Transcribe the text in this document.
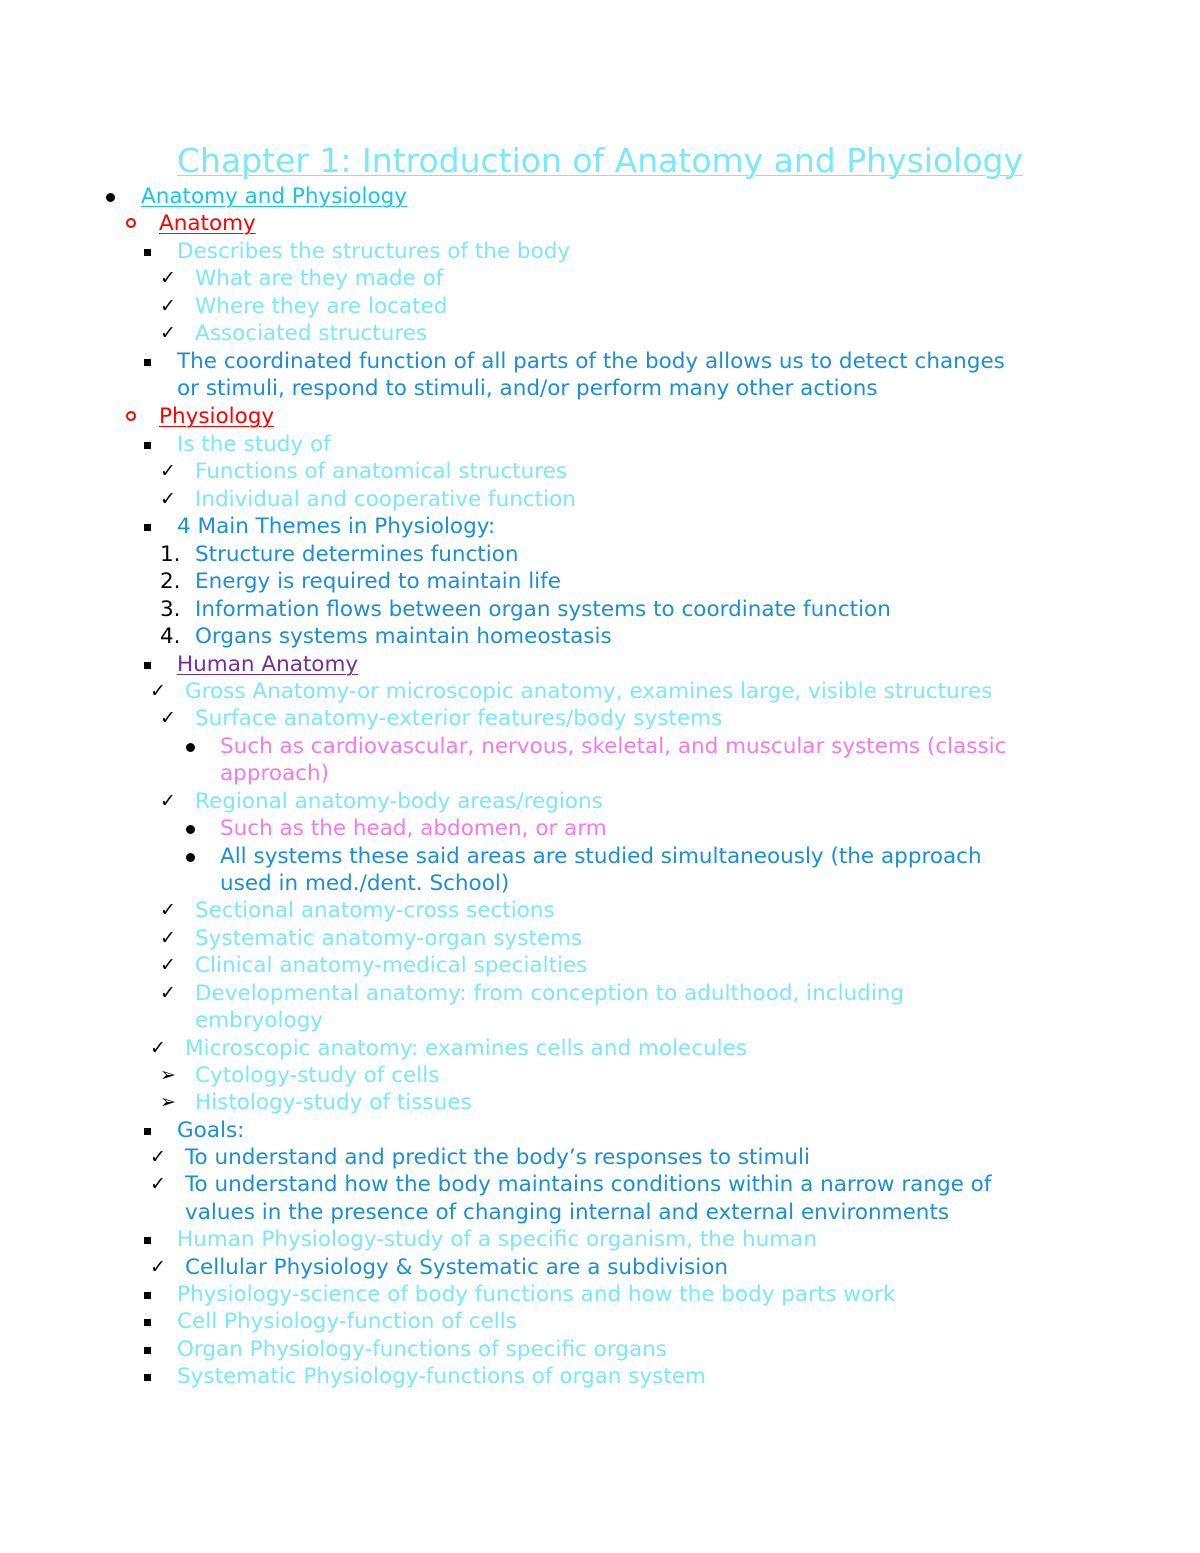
Chapter 1: Introduction of Anatomy and Physiology
Anatomy and Physiology
Anatomy
Describes the structures of the body
✓ What are they made of
✓ Where they are located
✓ Associated structures
The coordinated function of all parts of the body allows us to detect changes
or stimuli, respond to stimuli, and/or perform many other actions
Physiology
Is the study of
✓ Functions of anatomical structures
✓ Individual and cooperative function
4 Main Themes in Physiology:
1. Structure determines function
2. Energy is required to maintain life
3. Information flows between organ systems to coordinate function
4. Organs systems maintain homeostasis
Human Anatomy
✓ Gross Anatomy-or microscopic anatomy, examines large, visible structures
✓ Surface anatomy-exterior features/body systems
Such as cardiovascular, nervous, skeletal, and muscular systems (classic
approach)
✓ Regional anatomy-body areas/regions
Such as the head, abdomen, or arm
All systems these said areas are studied simultaneously (the approach
used in med./dent. School)
✓ Sectional anatomy-cross sections
✓ Systematic anatomy-organ systems
✓ Clinical anatomy-medical specialties
✓ Developmental anatomy: from conception to adulthood, including
embryology
✓ Microscopic anatomy: examines cells and molecules
➢ Cytology-study of cells
➢ Histology-study of tissues
Goals:
✓ To understand and predict the body’s responses to stimuli
✓ To understand how the body maintains conditions within a narrow range of
values in the presence of changing internal and external environments
Human Physiology-study of a specific organism, the human
✓ Cellular Physiology & Systematic are a subdivision
Physiology-science of body functions and how the body parts work
Cell Physiology-function of cells
Organ Physiology-functions of specific organs
Systematic Physiology-functions of organ system
